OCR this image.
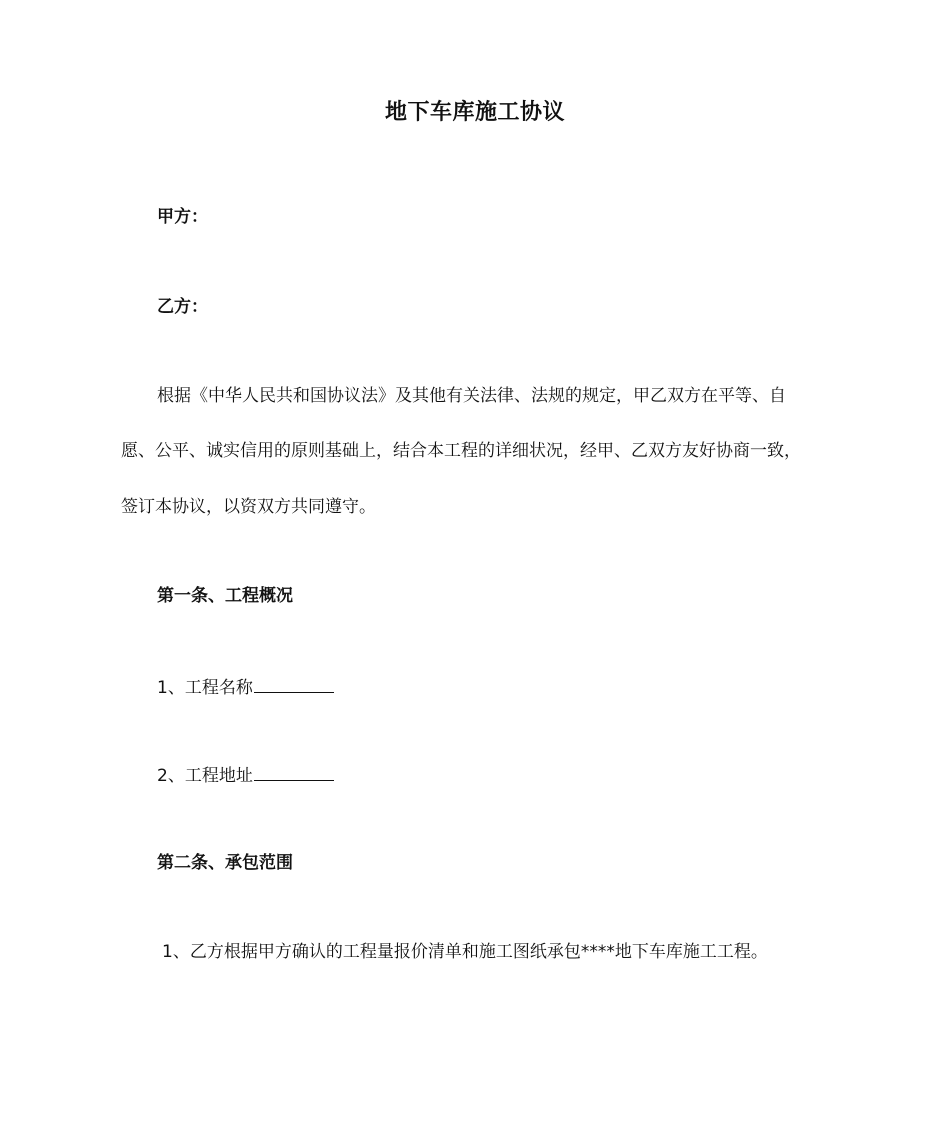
地下车库施工协议
甲方：
乙方：
根据《中华人民共和国协议法》及其他有关法律、法规的规定，甲乙双方在平等、自
愿、公平、诚实信用的原则基础上，结合本工程的详细状况，经甲、乙双方友好协商一致，
签订本协议，以资双方共同遵守。
第一条、工程概况
1、工程名称
2、工程地址
第二条、承包范围
1、乙方根据甲方确认的工程量报价清单和施工图纸承包****地下车库施工工程。
